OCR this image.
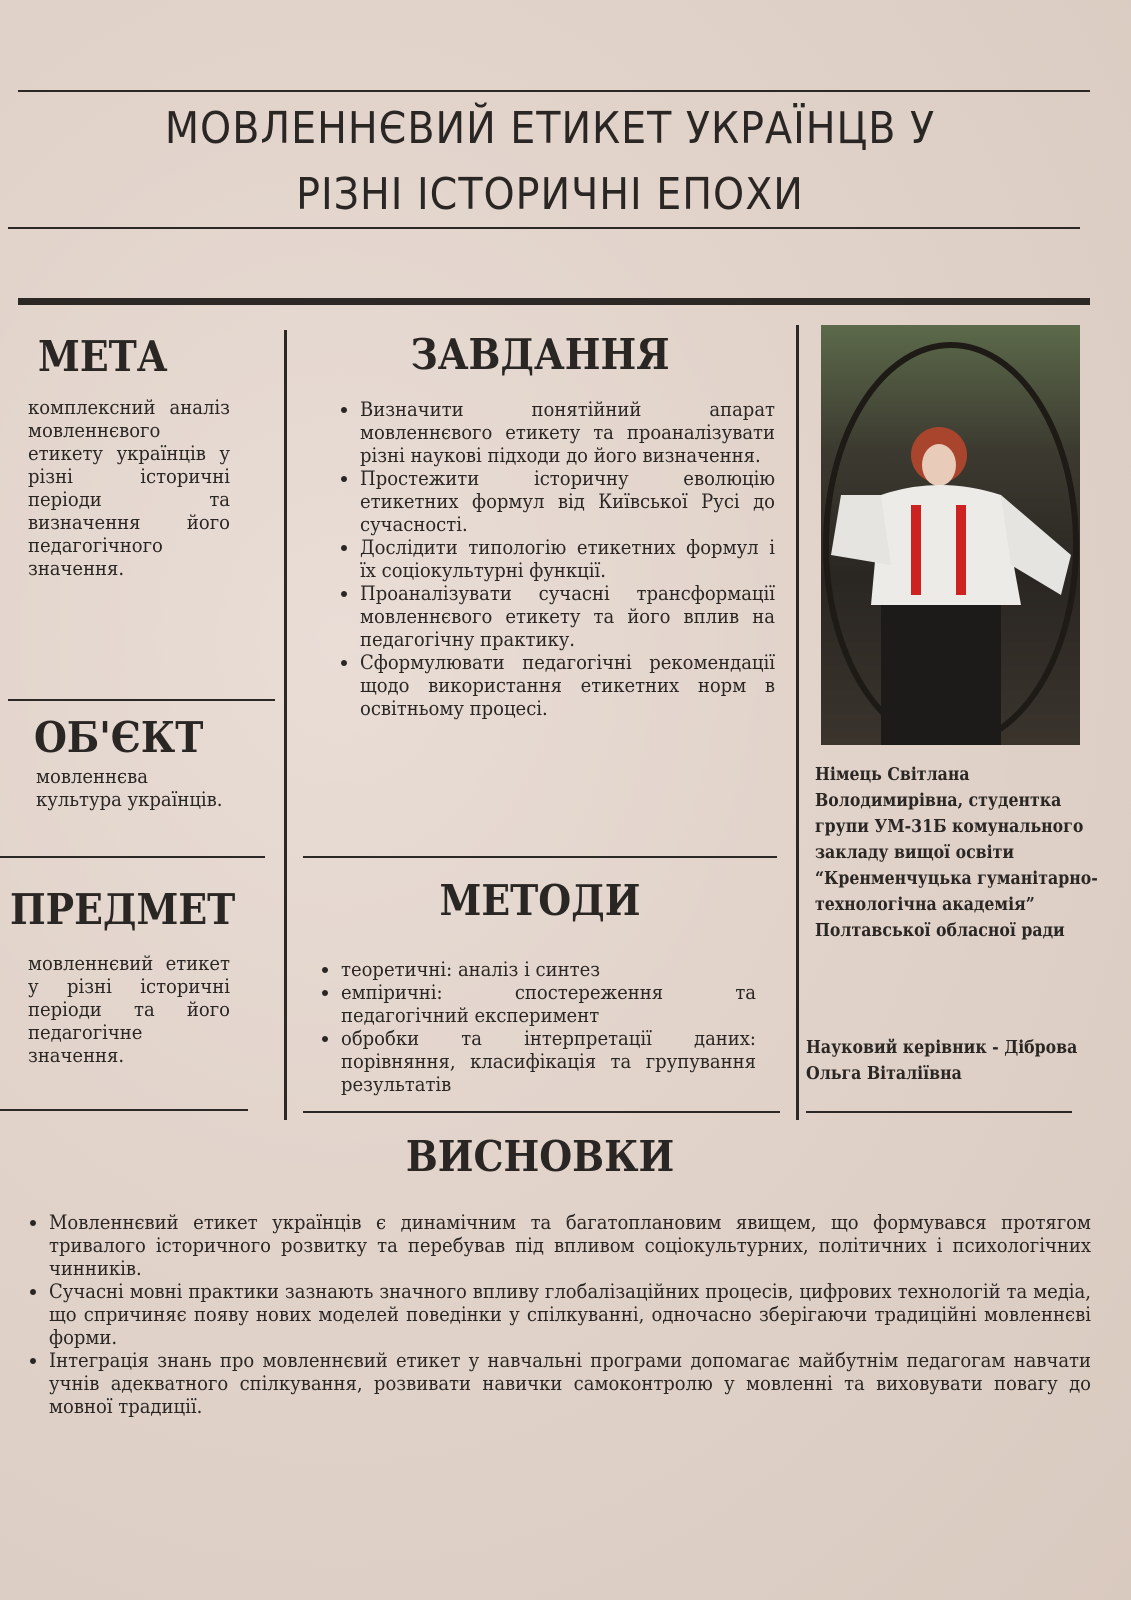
МОВЛЕННЄВИЙ ЕТИКЕТ УКРАЇНЦВ У
РІЗНІ ІСТОРИЧНІ ЕПОХИ
МЕТА

комплексний аналіз мовленнєвого етикету українців у різні історичні періоди та визначення його педагогічного значення.

ОБ'ЄКТ

мовленнєва культура українців.

ПРЕДМЕТ

мовленнєвий етикет у різні історичні періоди та його педагогічне значення.

ЗАВДАННЯ
• Визначити понятійний апарат мовленнєвого етикету та проаналізувати різні наукові підходи до його визначення.
• Простежити історичну еволюцію етикетних формул від Київської Русі до сучасності.
• Дослідити типологію етикетних формул і їх соціокультурні функції.
• Проаналізувати сучасні трансформації мовленнєвого етикету та його вплив на педагогічну практику.
• Сформулювати педагогічні рекомендації щодо використання етикетних норм в освітньому процесі.
МЕТОДИ
• теоретичні: аналіз і синтез
• емпіричні: спостереження та педагогічний експеримент
• обробки та інтерпретації даних: порівняння, класифікація та групування результатів
Німець Світлана Володимирівна, студентка групи УМ-31Б комунального закладу вищої освіти “Кренменчуцька гуманітарно-технологічна академія” Полтавської обласної ради
Науковий керівник - Діброва Ольга Віталіївна
ВИСНОВКИ
• Мовленнєвий етикет українців є динамічним та багатоплановим явищем, що формувався протягом тривалого історичного розвитку та перебував під впливом соціокультурних, політичних і психологічних чинників.
• Сучасні мовні практики зазнають значного впливу глобалізаційних процесів, цифрових технологій та медіа, що спричиняє появу нових моделей поведінки у спілкуванні, одночасно зберігаючи традиційні мовленнєві форми.
• Інтеграція знань про мовленнєвий етикет у навчальні програми допомагає майбутнім педагогам навчати учнів адекватного спілкування, розвивати навички самоконтролю у мовленні та виховувати повагу до мовної традиції.
